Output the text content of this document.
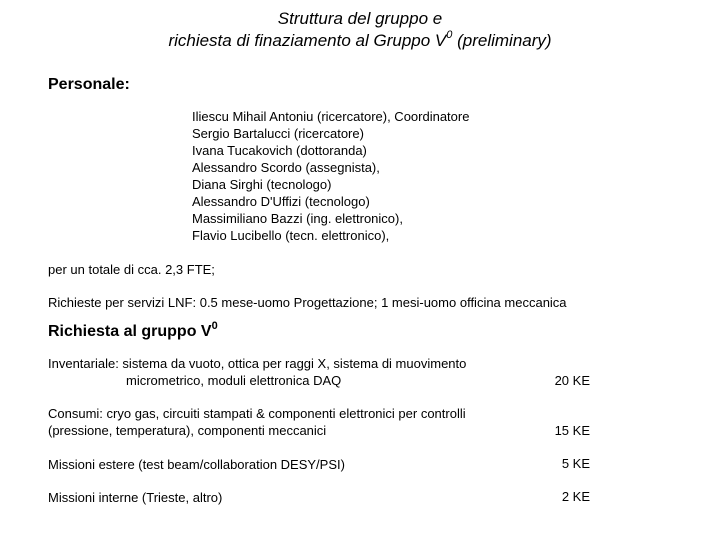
Struttura del gruppo e
richiesta di finaziamento al Gruppo $V^0$ (preliminary)
Personale:
Iliescu Mihail Antoniu (ricercatore), Coordinatore
Sergio Bartalucci (ricercatore)
Ivana Tucakovich (dottoranda)
Alessandro Scordo (assegnista),
Diana Sirghi (tecnologo)
Alessandro D'Uffizi (tecnologo)
Massimiliano Bazzi (ing. elettronico),
Flavio Lucibello (tecn. elettronico),
per un totale di cca. 2,3 FTE;
Richieste per servizi LNF: 0.5 mese-uomo Progettazione; 1 mesi-uomo officina meccanica
Richiesta al gruppo $V^0$
Inventariale: sistema da vuoto, ottica per raggi X, sistema di muovimento
micrometrico, moduli elettronica DAQ	20 KE
Consumi: cryo gas, circuiti stampati & componenti elettronici per controlli
(pressione, temperatura), componenti meccanici	15 KE
Missioni estere (test beam/collaboration DESY/PSI)	5 KE
Missioni interne (Trieste, altro)	2 KE
